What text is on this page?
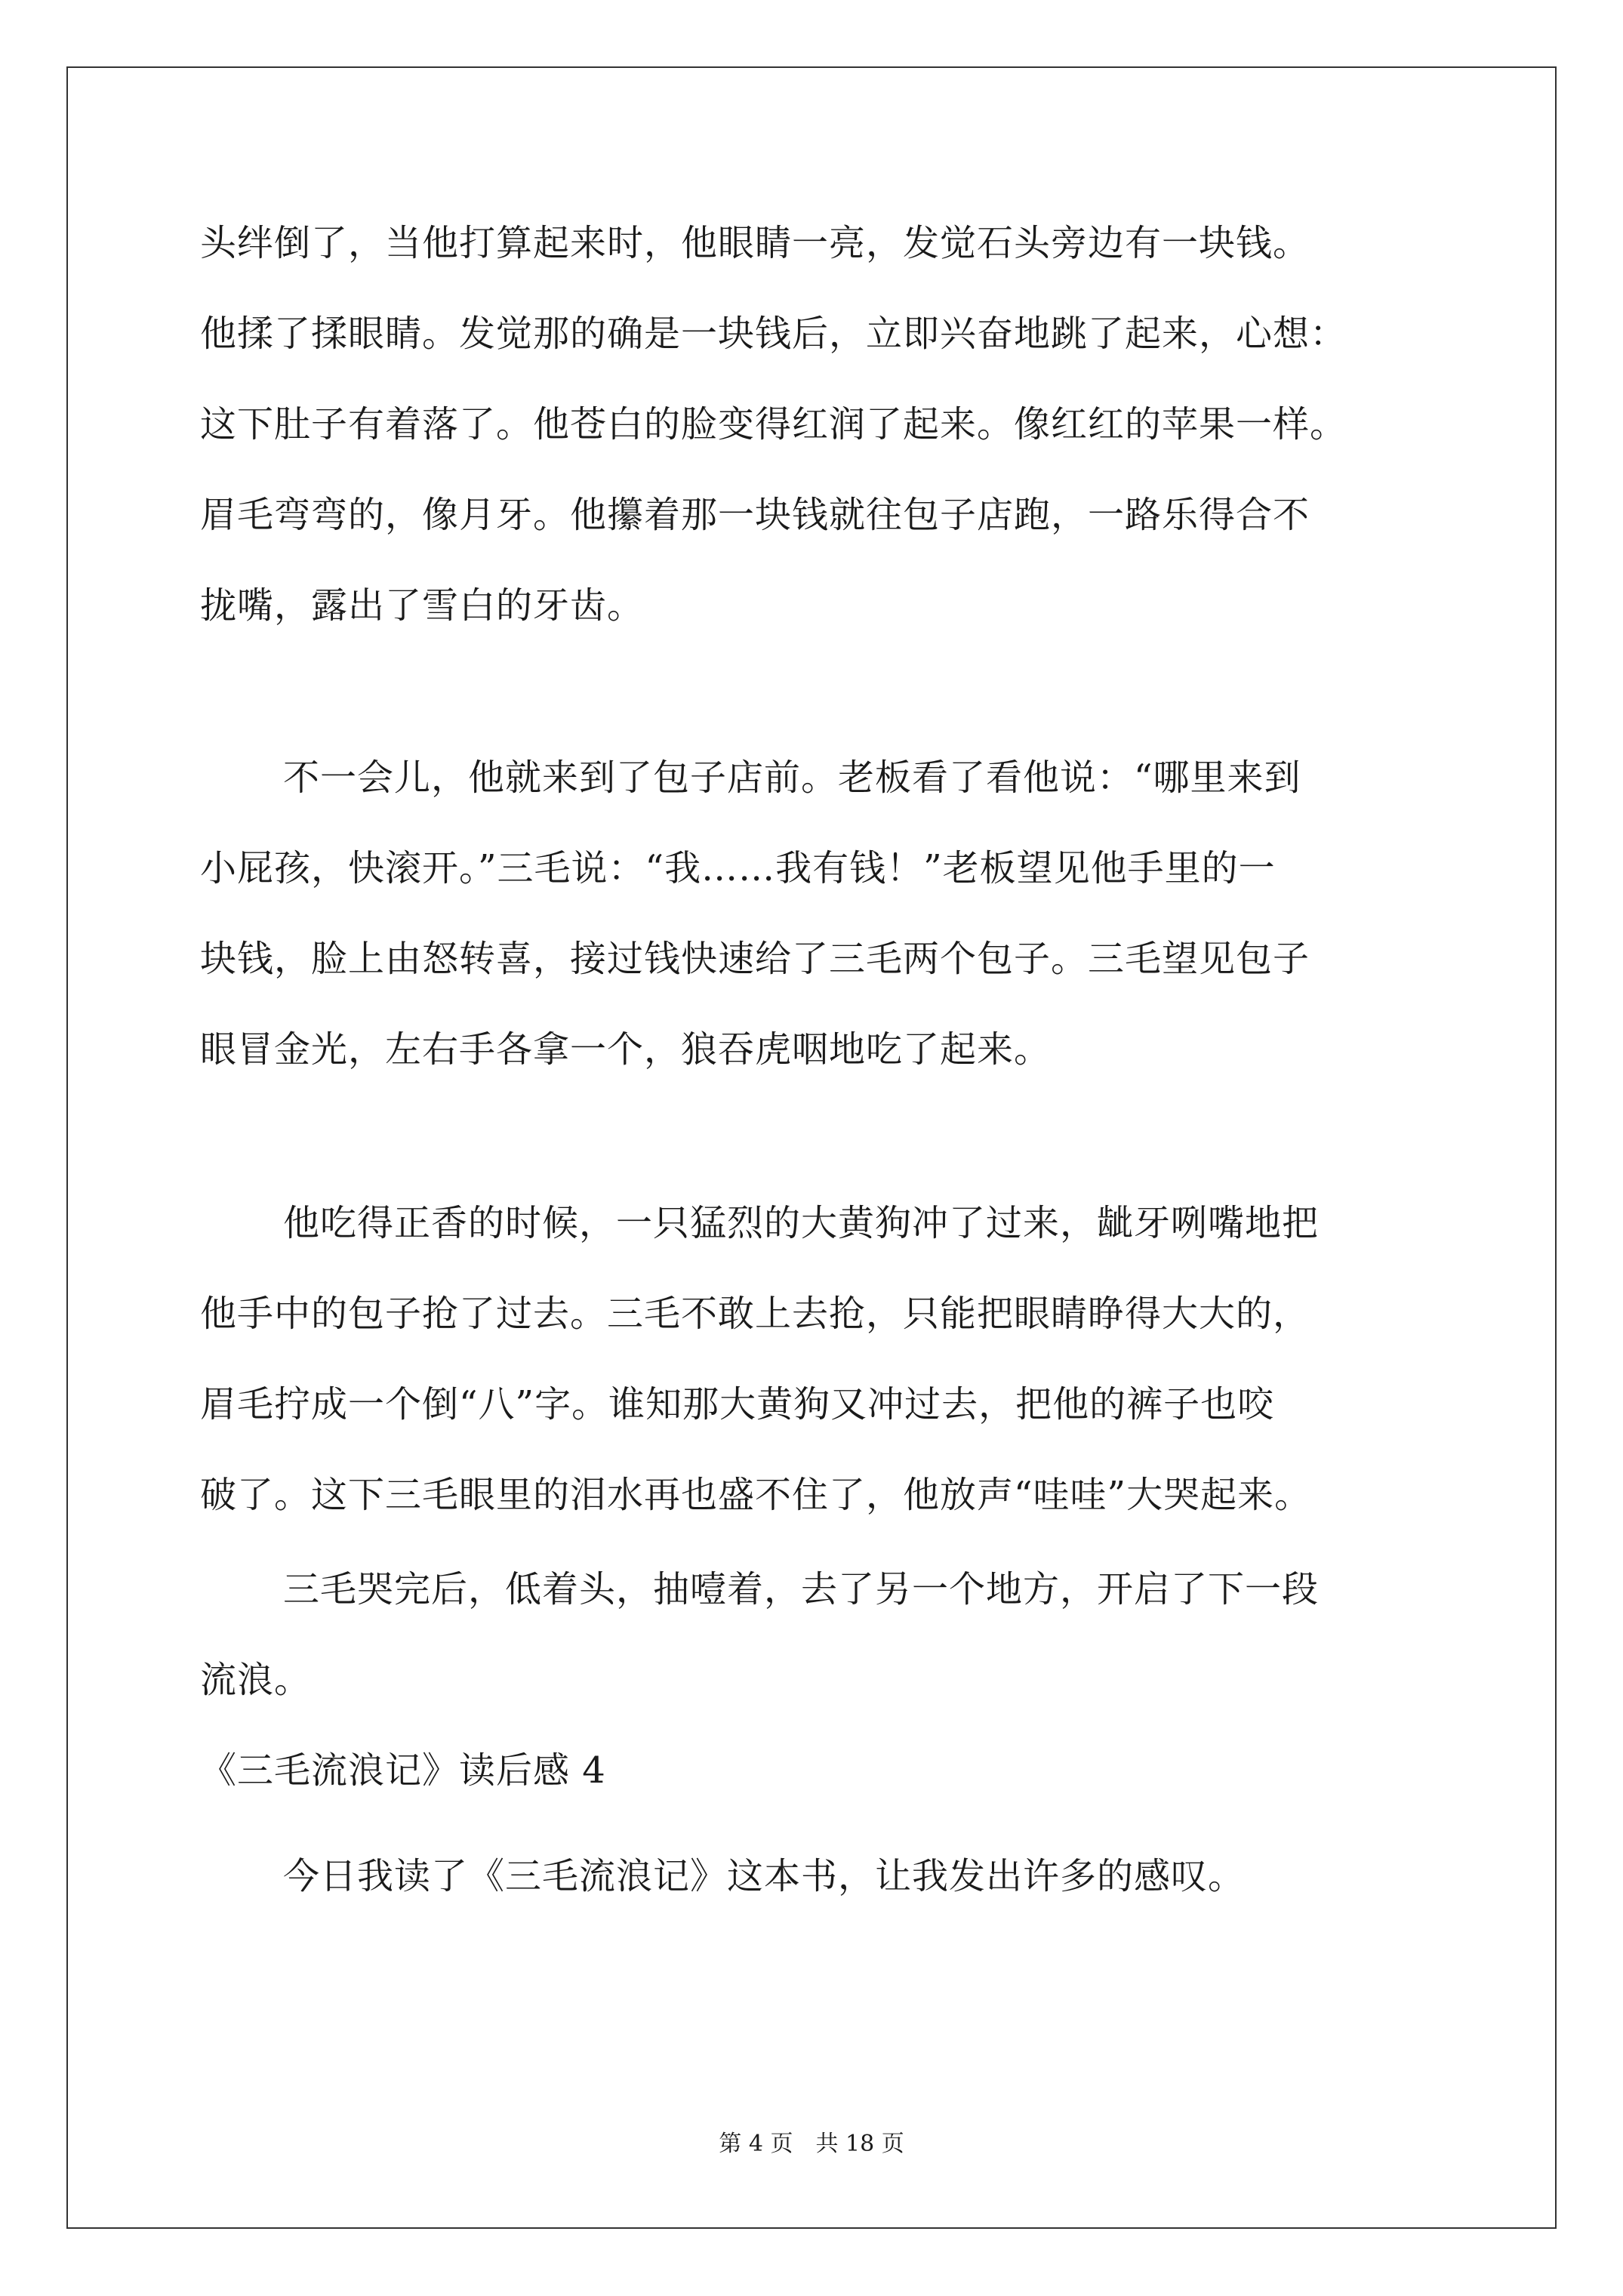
头绊倒了，当他打算起来时，他眼睛一亮，发觉石头旁边有一块钱。
他揉了揉眼睛。发觉那的确是一块钱后，立即兴奋地跳了起来，心想：
这下肚子有着落了。他苍白的脸变得红润了起来。像红红的苹果一样。
眉毛弯弯的，像月牙。他攥着那一块钱就往包子店跑，一路乐得合不
拢嘴，露出了雪白的牙齿。
不一会儿，他就来到了包子店前。老板看了看他说：“哪里来到
小屁孩，快滚开。”三毛说：“我……我有钱！”老板望见他手里的一
块钱，脸上由怒转喜，接过钱快速给了三毛两个包子。三毛望见包子
眼冒金光，左右手各拿一个，狼吞虎咽地吃了起来。
他吃得正香的时候，一只猛烈的大黄狗冲了过来，龇牙咧嘴地把
他手中的包子抢了过去。三毛不敢上去抢，只能把眼睛睁得大大的，
眉毛拧成一个倒“八”字。谁知那大黄狗又冲过去，把他的裤子也咬
破了。这下三毛眼里的泪水再也盛不住了，他放声“哇哇”大哭起来。
三毛哭完后，低着头，抽噎着，去了另一个地方，开启了下一段
流浪。
《三毛流浪记》读后感 4
今日我读了《三毛流浪记》这本书，让我发出许多的感叹。
第 4 页　共 18 页
